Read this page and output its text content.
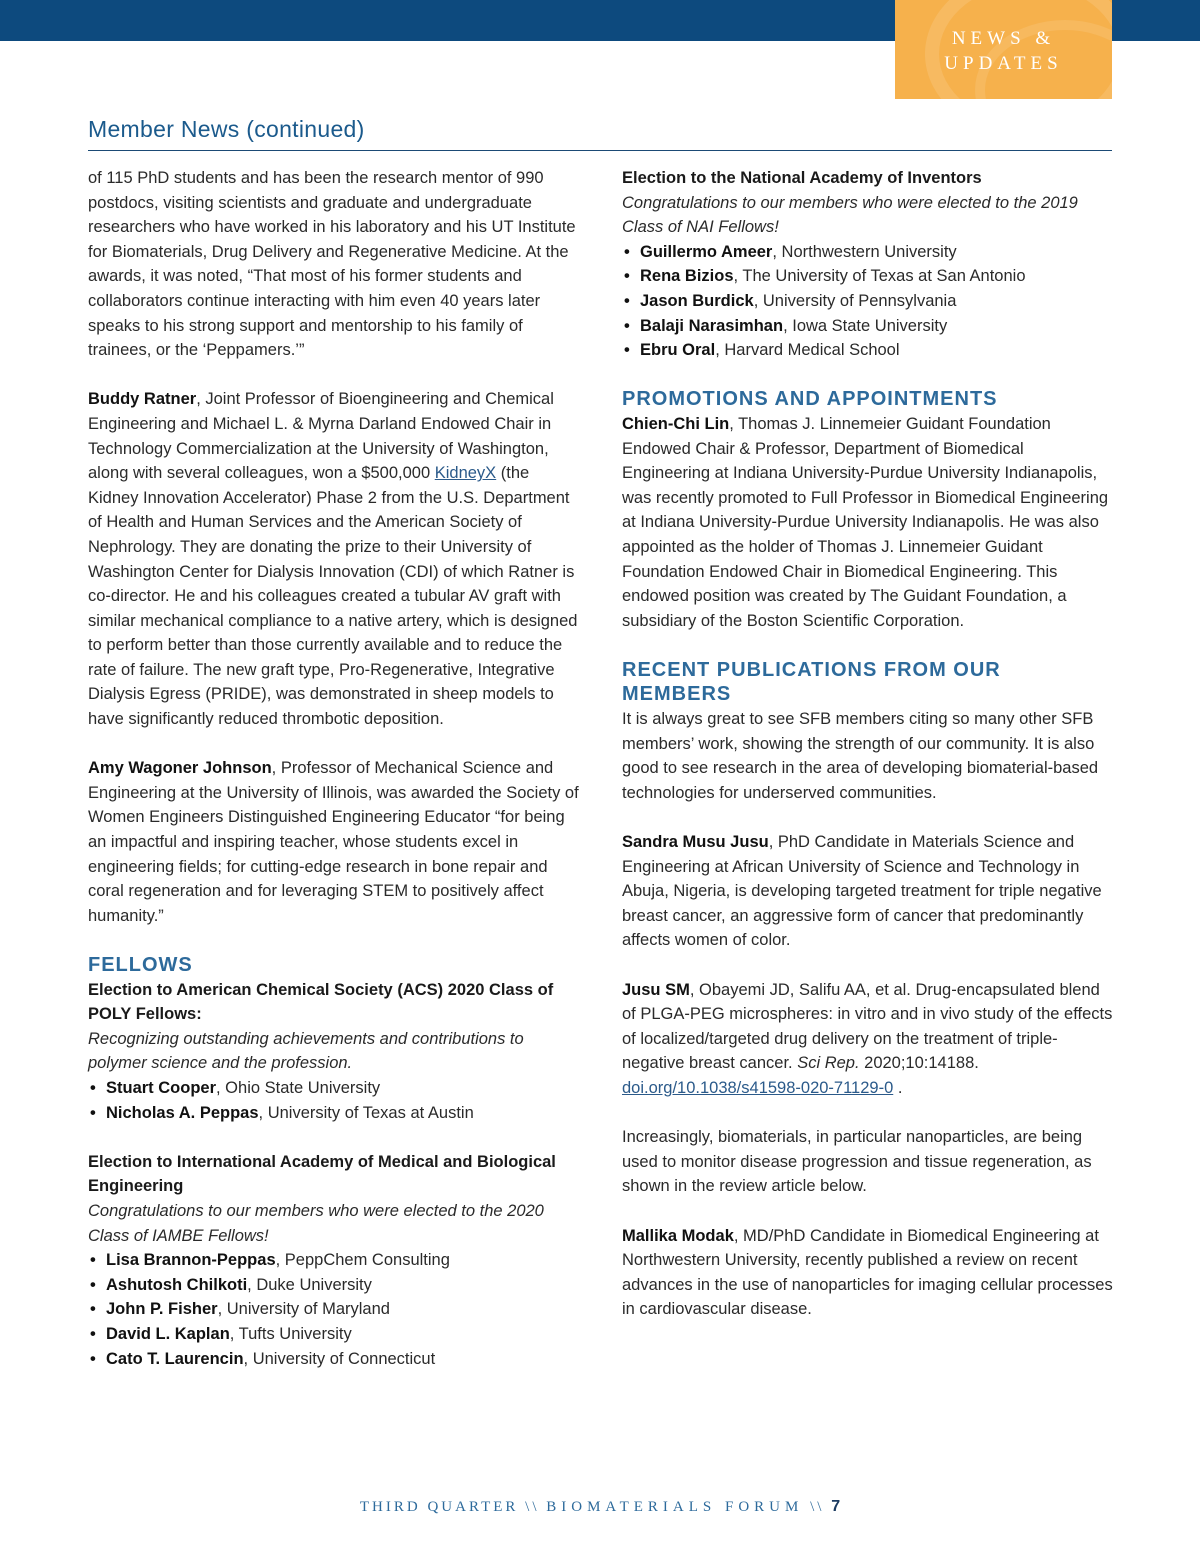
NEWS &
UPDATES
Member News (continued)

of 115 PhD students and has been the research mentor of 990 postdocs, visiting scientists and graduate and undergraduate researchers who have worked in his laboratory and his UT Institute for Biomaterials, Drug Delivery and Regenerative Medicine. At the awards, it was noted, “That most of his former students and collaborators continue interacting with him even 40 years later speaks to his strong support and mentorship to his family of trainees, or the ‘Peppamers.’”

Buddy Ratner, Joint Professor of Bioengineering and Chemical Engineering and Michael L. & Myrna Darland Endowed Chair in Technology Commercialization at the University of Washington, along with several colleagues, won a $500,000 KidneyX (the Kidney Innovation Accelerator) Phase 2 from the U.S. Department of Health and Human Services and the American Society of Nephrology. They are donating the prize to their University of Washington Center for Dialysis Innovation (CDI) of which Ratner is co-director. He and his colleagues created a tubular AV graft with similar mechanical compliance to a native artery, which is designed to perform better than those currently available and to reduce the rate of failure. The new graft type, Pro-Regenerative, Integrative Dialysis Egress (PRIDE), was demonstrated in sheep models to have significantly reduced thrombotic deposition.

Amy Wagoner Johnson, Professor of Mechanical Science and Engineering at the University of Illinois, was awarded the Society of Women Engineers Distinguished Engineering Educator “for being an impactful and inspiring teacher, whose students excel in engineering fields; for cutting-edge research in bone repair and coral regeneration and for leveraging STEM to positively affect humanity.”

FELLOWS

Election to American Chemical Society (ACS) 2020 Class of POLY Fellows:

Recognizing outstanding achievements and contributions to polymer science and the profession.

• Stuart Cooper, Ohio State University
• Nicholas A. Peppas, University of Texas at Austin

Election to International Academy of Medical and Biological Engineering

Congratulations to our members who were elected to the 2020 Class of IAMBE Fellows!

• Lisa Brannon-Peppas, PeppChem Consulting
• Ashutosh Chilkoti, Duke University
• John P. Fisher, University of Maryland
• David L. Kaplan, Tufts University
• Cato T. Laurencin, University of Connecticut

Election to the National Academy of Inventors

Congratulations to our members who were elected to the 2019 Class of NAI Fellows!

• Guillermo Ameer, Northwestern University
• Rena Bizios, The University of Texas at San Antonio
• Jason Burdick, University of Pennsylvania
• Balaji Narasimhan, Iowa State University
• Ebru Oral, Harvard Medical School

PROMOTIONS AND APPOINTMENTS

Chien-Chi Lin, Thomas J. Linnemeier Guidant Foundation Endowed Chair & Professor, Department of Biomedical Engineering at Indiana University-Purdue University Indianapolis, was recently promoted to Full Professor in Biomedical Engineering at Indiana University-Purdue University Indianapolis. He was also appointed as the holder of Thomas J. Linnemeier Guidant Foundation Endowed Chair in Biomedical Engineering. This endowed position was created by The Guidant Foundation, a subsidiary of the Boston Scientific Corporation.

RECENT PUBLICATIONS FROM OUR MEMBERS

It is always great to see SFB members citing so many other SFB members’ work, showing the strength of our community. It is also good to see research in the area of developing biomaterial-based technologies for underserved communities.

Sandra Musu Jusu, PhD Candidate in Materials Science and Engineering at African University of Science and Technology in Abuja, Nigeria, is developing targeted treatment for triple negative breast cancer, an aggressive form of cancer that predominantly affects women of color.

Jusu SM, Obayemi JD, Salifu AA, et al. Drug-encapsulated blend of PLGA-PEG microspheres: in vitro and in vivo study of the effects of localized/targeted drug delivery on the treatment of triple-negative breast cancer. Sci Rep. 2020;10:14188. doi.org/10.1038/s41598-020-71129-0 .

Increasingly, biomaterials, in particular nanoparticles, are being used to monitor disease progression and tissue regeneration, as shown in the review article below.

Mallika Modak, MD/PhD Candidate in Biomedical Engineering at Northwestern University, recently published a review on recent advances in the use of nanoparticles for imaging cellular processes in cardiovascular disease.

THIRD QUARTER \\ BIOMATERIALS FORUM \\ 7
